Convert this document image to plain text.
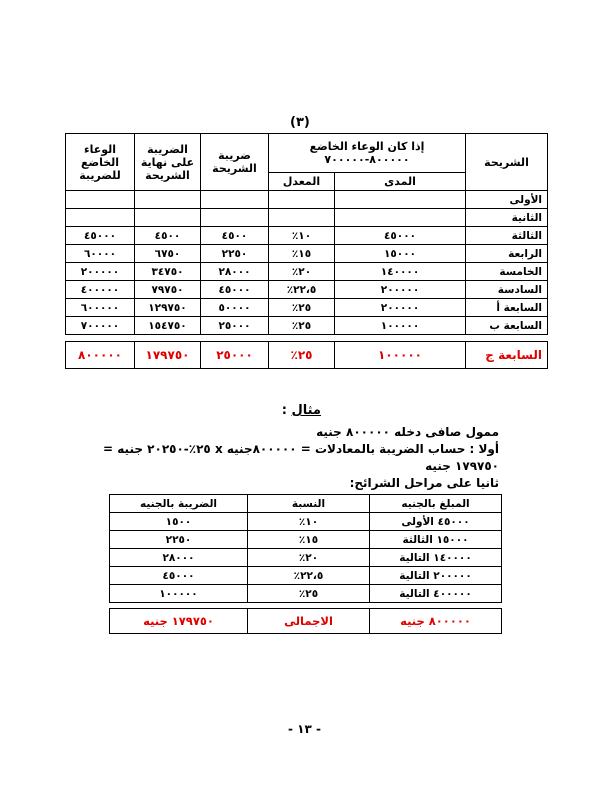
(٣)
الشريحة	إذا كان الوعاء الخاضع
٨٠٠٠٠٠-٧٠٠٠٠٠		ضريبة الشريحة	الضريبة على نهاية الشريحة	الوعاء الخاضع للضريبة
	المدى	المعدل			
الأولى					
الثانية					
الثالثة	٤٥٠٠٠	١٠٪	٤٥٠٠	٤٥٠٠	٤٥٠٠٠
الرابعة	١٥٠٠٠	١٥٪	٢٢٥٠	٦٧٥٠	٦٠٠٠٠
الخامسة	١٤٠٠٠٠	٢٠٪	٢٨٠٠٠	٣٤٧٥٠	٢٠٠٠٠٠
السادسة	٢٠٠٠٠٠	٢٢،٥٪	٤٥٠٠٠	٧٩٧٥٠	٤٠٠٠٠٠
السابعة أ	٢٠٠٠٠٠	٢٥٪	٥٠٠٠٠	١٢٩٧٥٠	٦٠٠٠٠٠
السابعة ب	١٠٠٠٠٠	٢٥٪	٢٥٠٠٠	١٥٤٧٥٠	٧٠٠٠٠٠

السابعة ج	١٠٠٠٠٠	٢٥٪	٢٥٠٠٠	١٧٩٧٥٠	٨٠٠٠٠٠
مثال :
ممول صافى دخله ٨٠٠٠٠٠ جنيه
أولا : حساب الضريبة بالمعادلات = ٨٠٠٠٠٠جنيه x ٢٥٪-٢٠٢٥٠ جنيه =
١٧٩٧٥٠ جنيه
ثانيا على مراحل الشرائح:
المبلغ بالجنيه	النسبة	الضريبة بالجنيه
٤٥٠٠٠ الأولى	١٠٪	١٥٠٠
١٥٠٠٠ الثالثة	١٥٪	٢٢٥٠
١٤٠٠٠٠ التالية	٢٠٪	٢٨٠٠٠
٢٠٠٠٠٠ التالية	٢٢،٥٪	٤٥٠٠٠
٤٠٠٠٠٠ التالية	٢٥٪	١٠٠٠٠٠

٨٠٠٠٠٠ جنيه	الاجمالى	١٧٩٧٥٠ جنيه
- ١٣ -
